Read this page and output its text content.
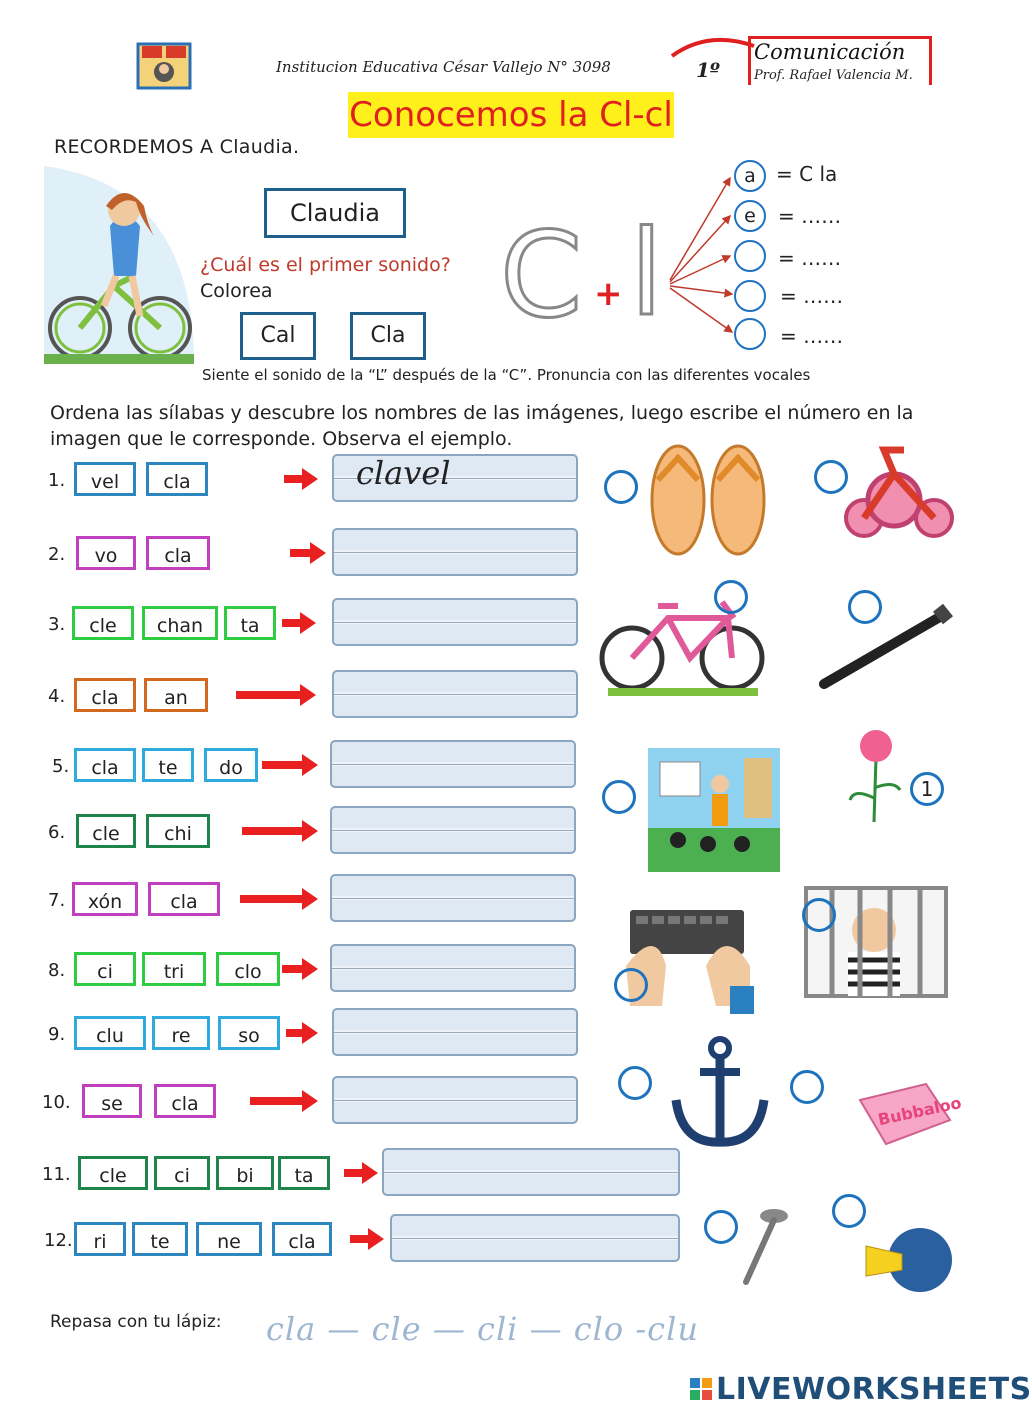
Institucion Educativa César Vallejo N° 3098	1º
Comunicación
Prof. Rafael Valencia M.
Conocemos la Cl-cl
RECORDEMOS A Claudia.
Claudia
¿Cuál es el primer sonido?
Colorea
Cal	Cla C + l
a	= C la
e	= ……
= ……
= ……
= ……
Siente el sonido de la “L” después de la “C”. Pronuncia con las diferentes vocales
Ordena las sílabas y descubre los nombres de las imágenes, luego escribe el número en la imagen que le corresponde. Observa el ejemplo.
1.	vel	cla
2.	vo	cla
3.	cle	chan	ta
4.	cla	an
5.	cla	te	do
6.	cle	chi
7.	xón	cla
8.	ci	tri	clo
9.	clu	re	so
10.	se	cla
11.	cle	ci	bi	ta
12.	ri	te	ne	cla
clavel
Bubbaloo
1
Repasa con tu lápiz: cla — cle — cli — clo -clu
LIVEWORKSHEETS
